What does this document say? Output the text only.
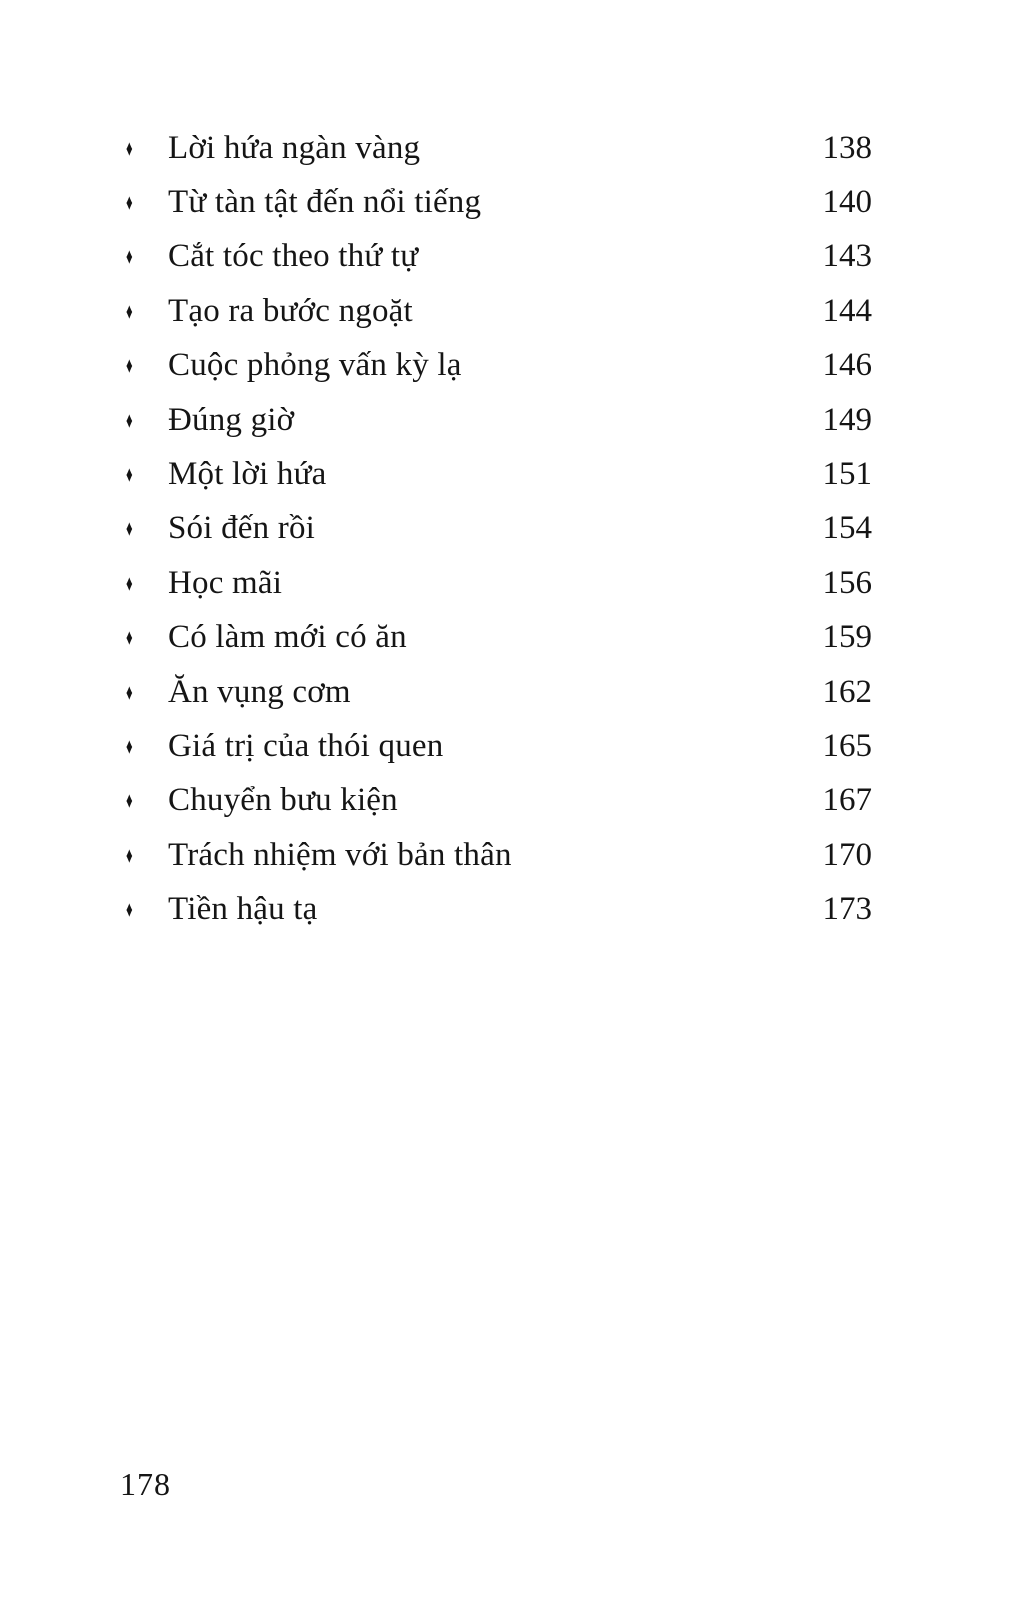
♦	Lời hứa ngàn vàng	138
♦	Từ tàn tật đến nổi tiếng	140
♦	Cắt tóc theo thứ tự	143
♦	Tạo ra bước ngoặt	144
♦	Cuộc phỏng vấn kỳ lạ	146
♦	Đúng giờ	149
♦	Một lời hứa	151
♦	Sói đến rồi	154
♦	Học mãi	156
♦	Có làm mới có ăn	159
♦	Ăn vụng cơm	162
♦	Giá trị của thói quen	165
♦	Chuyển bưu kiện	167
♦	Trách nhiệm với bản thân	170
♦	Tiền hậu tạ	173
178
